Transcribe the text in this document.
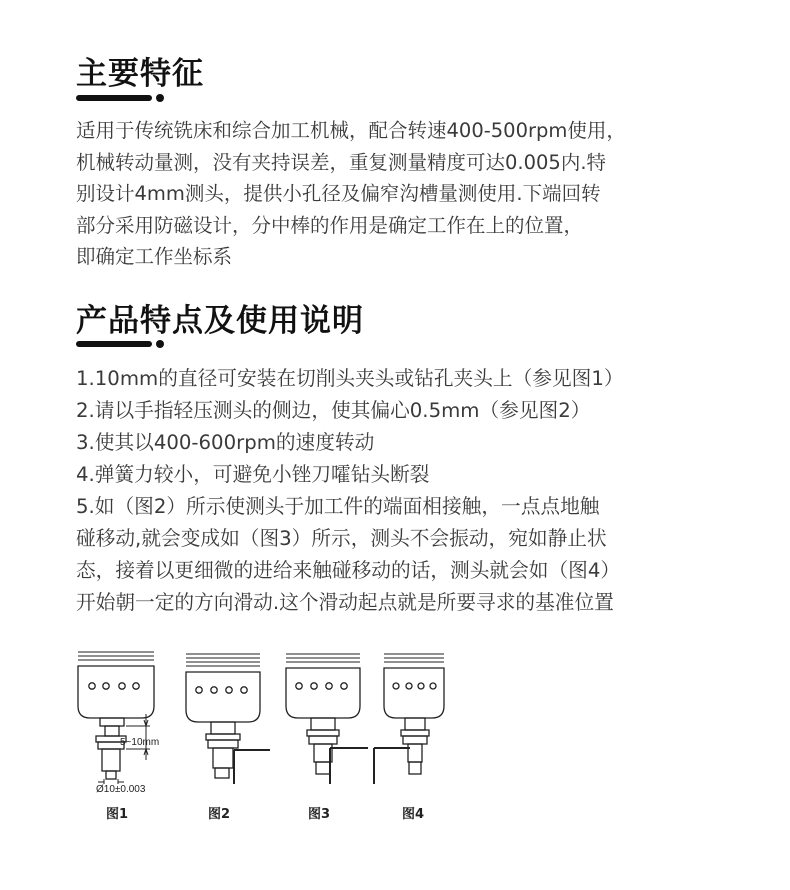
主要特征
适用于传统铣床和综合加工机械，配合转速400-500rpm使用，
机械转动量测，没有夹持误差，重复测量精度可达0.005内.特
别设计4mm测头，提供小孔径及偏窄沟槽量测使用.下端回转
部分采用防磁设计，分中棒的作用是确定工作在上的位置，
即确定工作坐标系
产品特点及使用说明
1.10mm的直径可安装在切削头夹头或钻孔夹头上（参见图1）
2.请以手指轻压测头的侧边，使其偏心0.5mm（参见图2）
3.使其以400-600rpm的速度转动
4.弹簧力较小，可避免小锉刀嚯钻头断裂
5.如（图2）所示使测头于加工件的端面相接触，一点点地触
碰移动,就会变成如（图3）所示，测头不会振动，宛如静止状
态，接着以更细微的进给来触碰移动的话，测头就会如（图4）
开始朝一定的方向滑动.这个滑动起点就是所要寻求的基准位置
5~10mm
Ø10±0.003
图1	图2	图3	图4
